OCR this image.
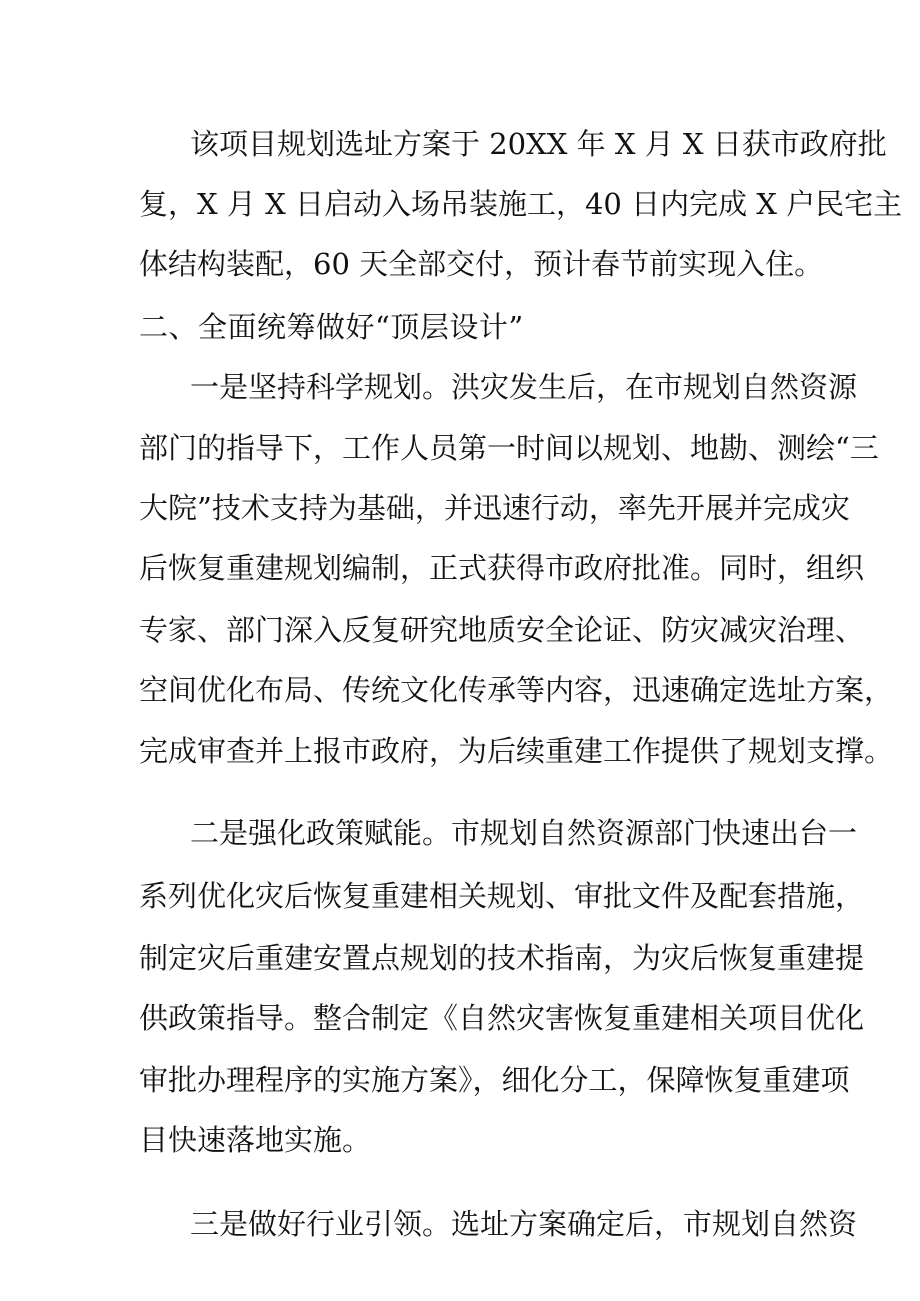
该项目规划选址方案于 20XX 年 X 月 X 日获市政府批

复，X 月 X 日启动入场吊装施工，40 日内完成 X 户民宅主

体结构装配，60 天全部交付，预计春节前实现入住。

二、全面统筹做好“顶层设计”

一是坚持科学规划。洪灾发生后，在市规划自然资源

部门的指导下，工作人员第一时间以规划、地勘、测绘“三

大院”技术支持为基础，并迅速行动，率先开展并完成灾

后恢复重建规划编制，正式获得市政府批准。同时，组织

专家、部门深入反复研究地质安全论证、防灾减灾治理、

空间优化布局、传统文化传承等内容，迅速确定选址方案，

完成审查并上报市政府，为后续重建工作提供了规划支撑。

二是强化政策赋能。市规划自然资源部门快速出台一

系列优化灾后恢复重建相关规划、审批文件及配套措施，

制定灾后重建安置点规划的技术指南，为灾后恢复重建提

供政策指导。整合制定《自然灾害恢复重建相关项目优化

审批办理程序的实施方案》，细化分工，保障恢复重建项

目快速落地实施。

三是做好行业引领。选址方案确定后，市规划自然资
